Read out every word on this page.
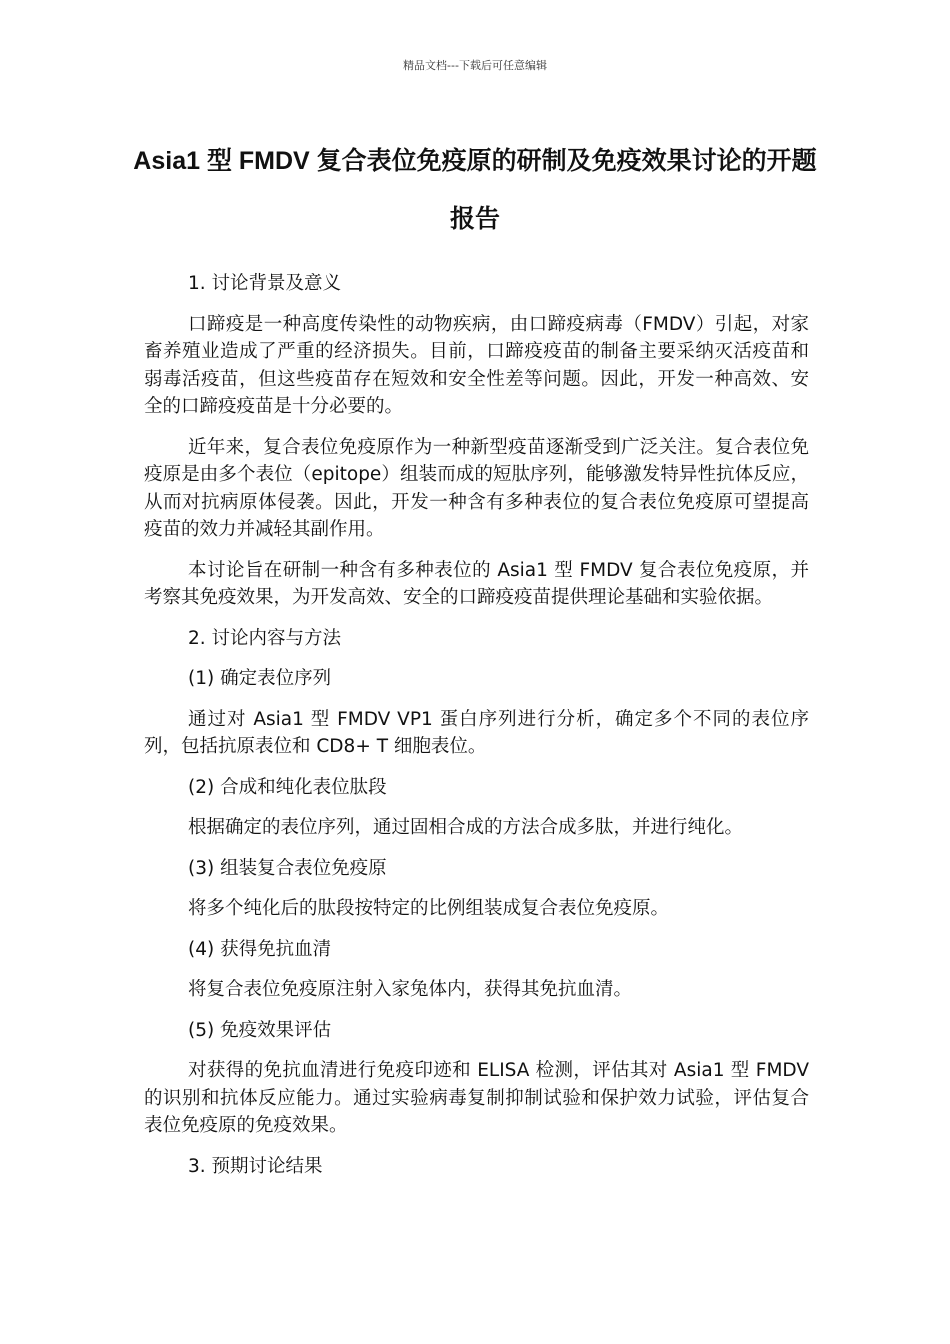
精品文档---下载后可任意编辑
Asia1 型 FMDV 复合表位免疫原的研制及免疫效果讨论的开题报告

1. 讨论背景及意义

口蹄疫是一种高度传染性的动物疾病，由口蹄疫病毒（FMDV）引起，对家畜养殖业造成了严重的经济损失。目前，口蹄疫疫苗的制备主要采纳灭活疫苗和弱毒活疫苗，但这些疫苗存在短效和安全性差等问题。因此，开发一种高效、安全的口蹄疫疫苗是十分必要的。

近年来，复合表位免疫原作为一种新型疫苗逐渐受到广泛关注。复合表位免疫原是由多个表位（epitope）组装而成的短肽序列，能够激发特异性抗体反应，从而对抗病原体侵袭。因此，开发一种含有多种表位的复合表位免疫原可望提高疫苗的效力并减轻其副作用。

本讨论旨在研制一种含有多种表位的 Asia1 型 FMDV 复合表位免疫原，并考察其免疫效果，为开发高效、安全的口蹄疫疫苗提供理论基础和实验依据。

2. 讨论内容与方法

(1) 确定表位序列

通过对 Asia1 型 FMDV VP1 蛋白序列进行分析，确定多个不同的表位序列，包括抗原表位和 CD8+ T 细胞表位。

(2) 合成和纯化表位肽段

根据确定的表位序列，通过固相合成的方法合成多肽，并进行纯化。

(3) 组装复合表位免疫原

将多个纯化后的肽段按特定的比例组装成复合表位免疫原。

(4) 获得免抗血清

将复合表位免疫原注射入家兔体内，获得其免抗血清。

(5) 免疫效果评估

对获得的免抗血清进行免疫印迹和 ELISA 检测，评估其对 Asia1 型 FMDV 的识别和抗体反应能力。通过实验病毒复制抑制试验和保护效力试验，评估复合表位免疫原的免疫效果。

3. 预期讨论结果
